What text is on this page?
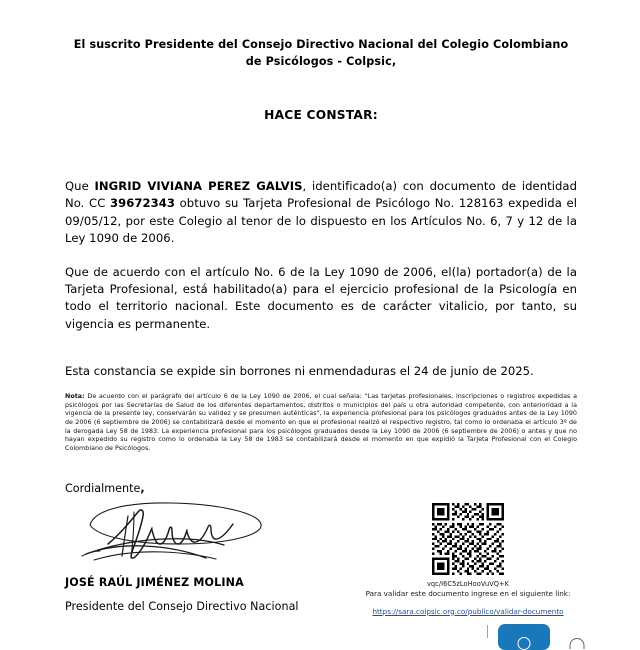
El suscrito Presidente del Consejo Directivo Nacional del Colegio Colombiano de Psicólogos - Colpsic,
HACE CONSTAR:

Que INGRID VIVIANA PEREZ GALVIS, identificado(a) con documento de identidad No. CC 39672343 obtuvo su Tarjeta Profesional de Psicólogo No. 128163 expedida el 09/05/12, por este Colegio al tenor de lo dispuesto en los Artículos No. 6, 7 y 12 de la Ley 1090 de 2006.

Que de acuerdo con el artículo No. 6 de la Ley 1090 de 2006, el(la) portador(a) de la Tarjeta Profesional, está habilitado(a) para el ejercicio profesional de la Psicología en todo el territorio nacional. Este documento es de carácter vitalicio, por tanto, su vigencia es permanente.

Esta constancia se expide sin borrones ni enmendaduras el 24 de junio de 2025.

Nota: De acuerdo con el parágrafo del artículo 6 de la Ley 1090 de 2006, el cual señala: "Las tarjetas profesionales, inscripciones o registros expedidas a psicólogos por las Secretarías de Salud de los diferentes departamentos, distritos o municipios del país u otra autoridad competente, con anterioridad a la vigencia de la presente ley, conservarán su validez y se presumen auténticas", la experiencia profesional para los psicólogos graduados antes de la Ley 1090 de 2006 (6 septiembre de 2006) se contabilizará desde el momento en que el profesional realizó el respectivo registro, tal como lo ordenaba el artículo 3º de la derogada Ley 58 de 1983. La experiencia profesional para los psicólogos graduados desde la Ley 1090 de 2006 (6 septiembre de 2006) o antes y que no hayan expedido su registro como lo ordenaba la Ley 58 de 1983 se contabilizará desde el momento en que expidió la Tarjeta Profesional con el Colegio Colombiano de Psicólogos.

Cordialmente,
JOSÉ RAÚL JIMÉNEZ MOLINA
Presidente del Consejo Directivo Nacional
vqc/I6C5zLoHooVuVQ+K
Para validar este documento ingrese en el siguiente link:
https://sara.colpsic.org.co/publico/validar-documento
